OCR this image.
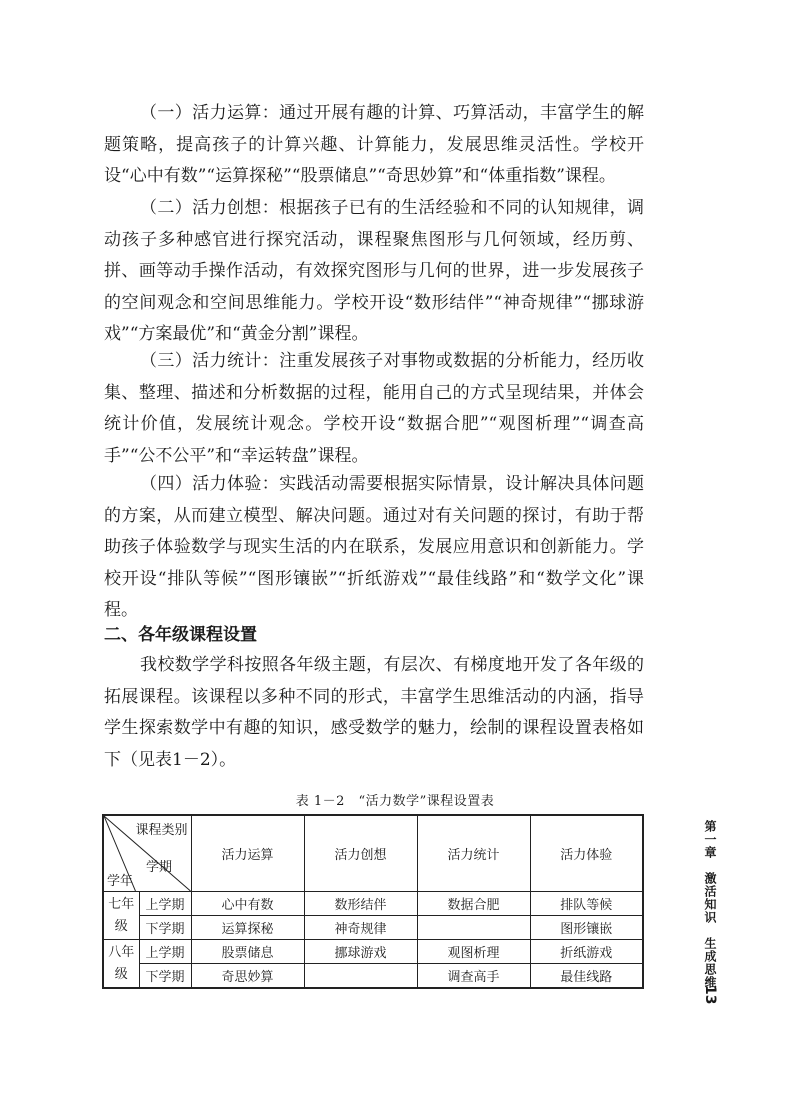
（一）活力运算：通过开展有趣的计算、巧算活动，丰富学生的解题策略，提高孩子的计算兴趣、计算能力，发展思维灵活性。学校开设“心中有数”“运算探秘”“股票储息”“奇思妙算”和“体重指数”课程。

（二）活力创想：根据孩子已有的生活经验和不同的认知规律，调动孩子多种感官进行探究活动，课程聚焦图形与几何领域，经历剪、拼、画等动手操作活动，有效探究图形与几何的世界，进一步发展孩子的空间观念和空间思维能力。学校开设“数形结伴”“神奇规律”“挪球游戏”“方案最优”和“黄金分割”课程。

（三）活力统计：注重发展孩子对事物或数据的分析能力，经历收集、整理、描述和分析数据的过程，能用自己的方式呈现结果，并体会统计价值，发展统计观念。学校开设“数据合肥”“观图析理”“调查高手”“公不公平”和“幸运转盘”课程。

（四）活力体验：实践活动需要根据实际情景，设计解决具体问题的方案，从而建立模型、解决问题。通过对有关问题的探讨，有助于帮助孩子体验数学与现实生活的内在联系，发展应用意识和创新能力。学校开设“排队等候”“图形镶嵌”“折纸游戏”“最佳线路”和“数学文化”课程。

二、各年级课程设置

我校数学学科按照各年级主题，有层次、有梯度地开发了各年级的拓展课程。该课程以多种不同的形式，丰富学生思维活动的内涵，指导学生探索数学中有趣的知识，感受数学的魅力，绘制的课程设置表格如下（见表1－2）。

表 1－2　“活力数学”课程设置表
课程类别
学期
学年		活力运算	活力创想	活力统计	活力体验
七年级	上学期	心中有数	数形结伴	数据合肥	排队等候
	下学期	运算探秘	神奇规律		图形镶嵌
八年级	上学期	股票储息	挪球游戏	观图析理	折纸游戏
	下学期	奇思妙算		调查高手	最佳线路	第一章　激活知识　生成思维
13
